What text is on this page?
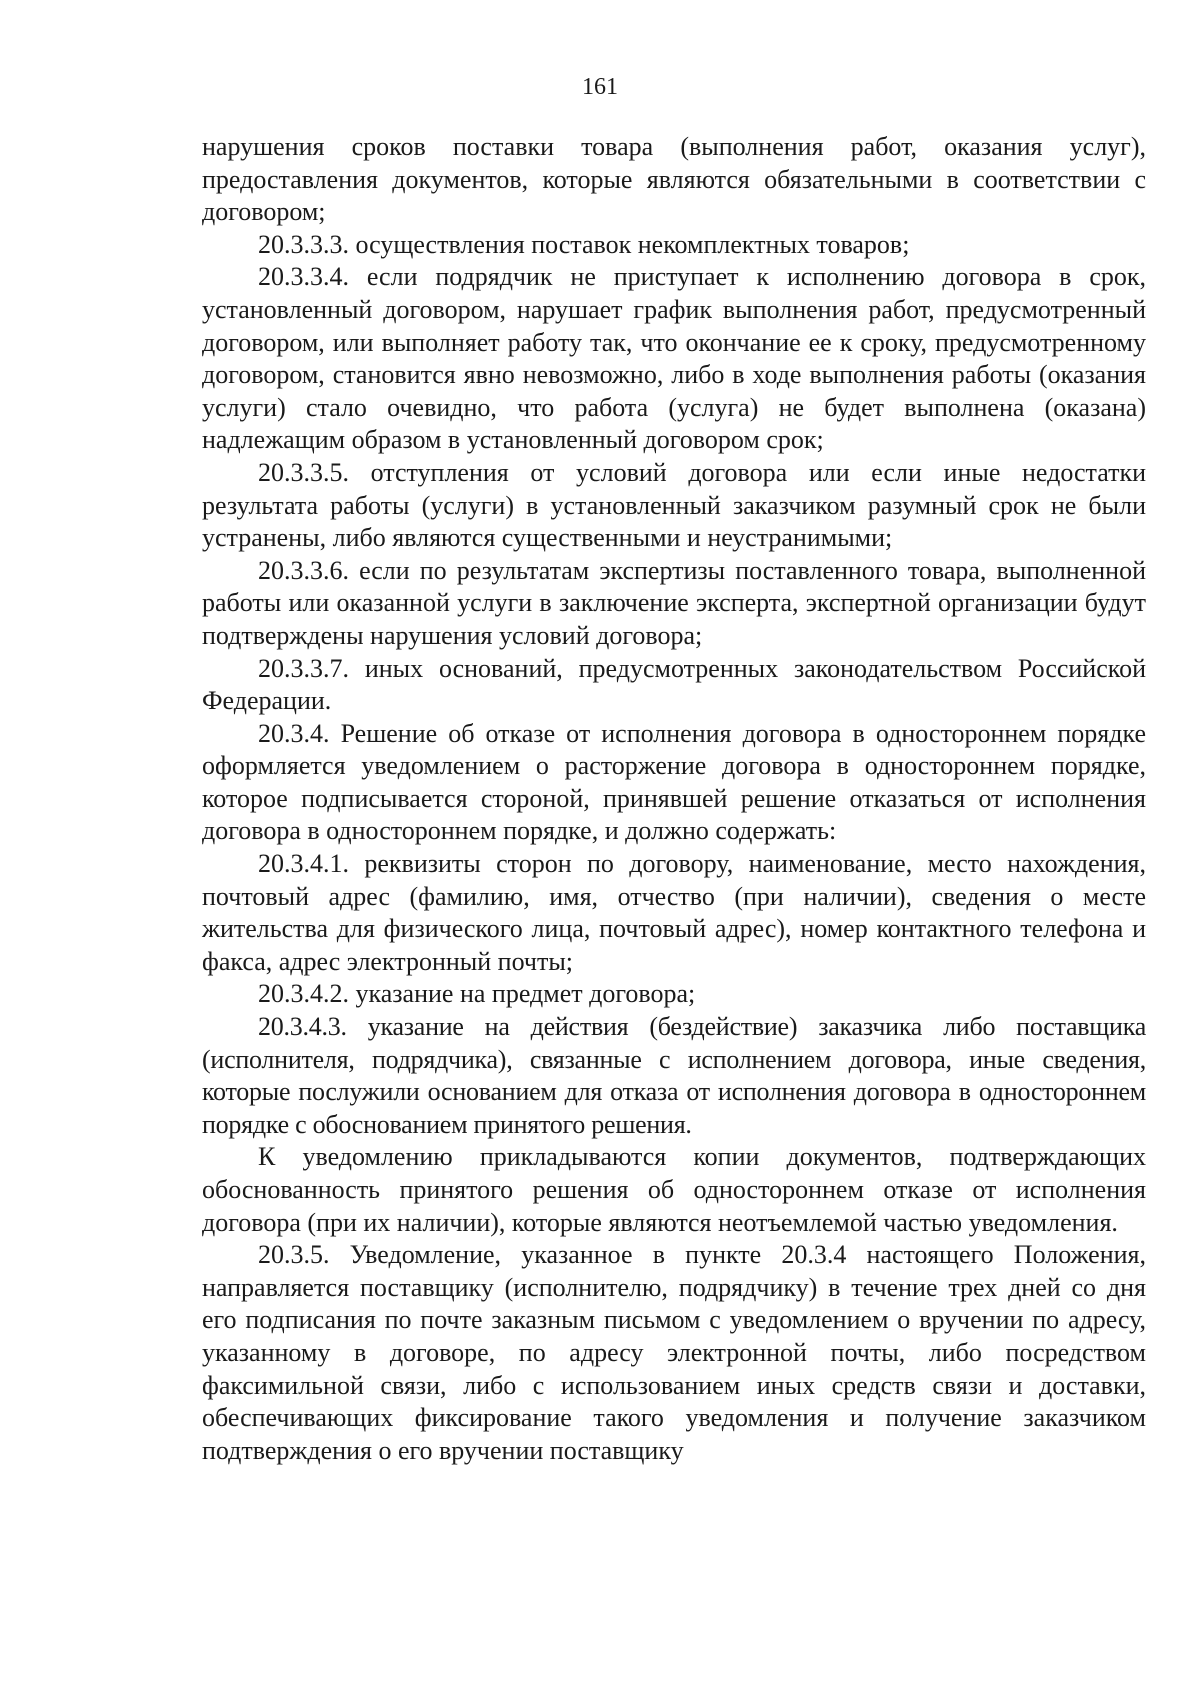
161

нарушения сроков поставки товара (выполнения работ, оказания услуг), предоставления документов, которые являются обязательными в соответствии с договором;

20.3.3.3. осуществления поставок некомплектных товаров;

20.3.3.4. если подрядчик не приступает к исполнению договора в срок, установленный договором, нарушает график выполнения работ, предусмотренный договором, или выполняет работу так, что окончание ее к сроку, предусмотренному договором, становится явно невозможно, либо в ходе выполнения работы (оказания услуги) стало очевидно, что работа (услуга) не будет выполнена (оказана) надлежащим образом в установленный договором срок;

20.3.3.5. отступления от условий договора или если иные недостатки результата работы (услуги) в установленный заказчиком разумный срок не были устранены, либо являются существенными и неустранимыми;

20.3.3.6. если по результатам экспертизы поставленного товара, выполненной работы или оказанной услуги в заключение эксперта, экспертной организации будут подтверждены нарушения условий договора;

20.3.3.7. иных оснований, предусмотренных законодательством Российской Федерации.

20.3.4. Решение об отказе от исполнения договора в одностороннем порядке оформляется уведомлением о расторжение договора в одностороннем порядке, которое подписывается стороной, принявшей решение отказаться от исполнения договора в одностороннем порядке, и должно содержать:

20.3.4.1. реквизиты сторон по договору, наименование, место нахождения, почтовый адрес (фамилию, имя, отчество (при наличии), сведения о месте жительства для физического лица, почтовый адрес), номер контактного телефона и факса, адрес электронный почты;

20.3.4.2. указание на предмет договора;

20.3.4.3. указание на действия (бездействие) заказчика либо поставщика (исполнителя, подрядчика), связанные с исполнением договора, иные сведения, которые послужили основанием для отказа от исполнения договора в одностороннем порядке с обоснованием принятого решения.

К уведомлению прикладываются копии документов, подтверждающих обоснованность принятого решения об одностороннем отказе от исполнения договора (при их наличии), которые являются неотъемлемой частью уведомления.

20.3.5. Уведомление, указанное в пункте 20.3.4 настоящего Положения, направляется поставщику (исполнителю, подрядчику) в течение трех дней со дня его подписания по почте заказным письмом с уведомлением о вручении по адресу, указанному в договоре, по адресу электронной почты, либо посредством факсимильной связи, либо с использованием иных средств связи и доставки, обеспечивающих фиксирование такого уведомления и получение заказчиком подтверждения о его вручении поставщику
